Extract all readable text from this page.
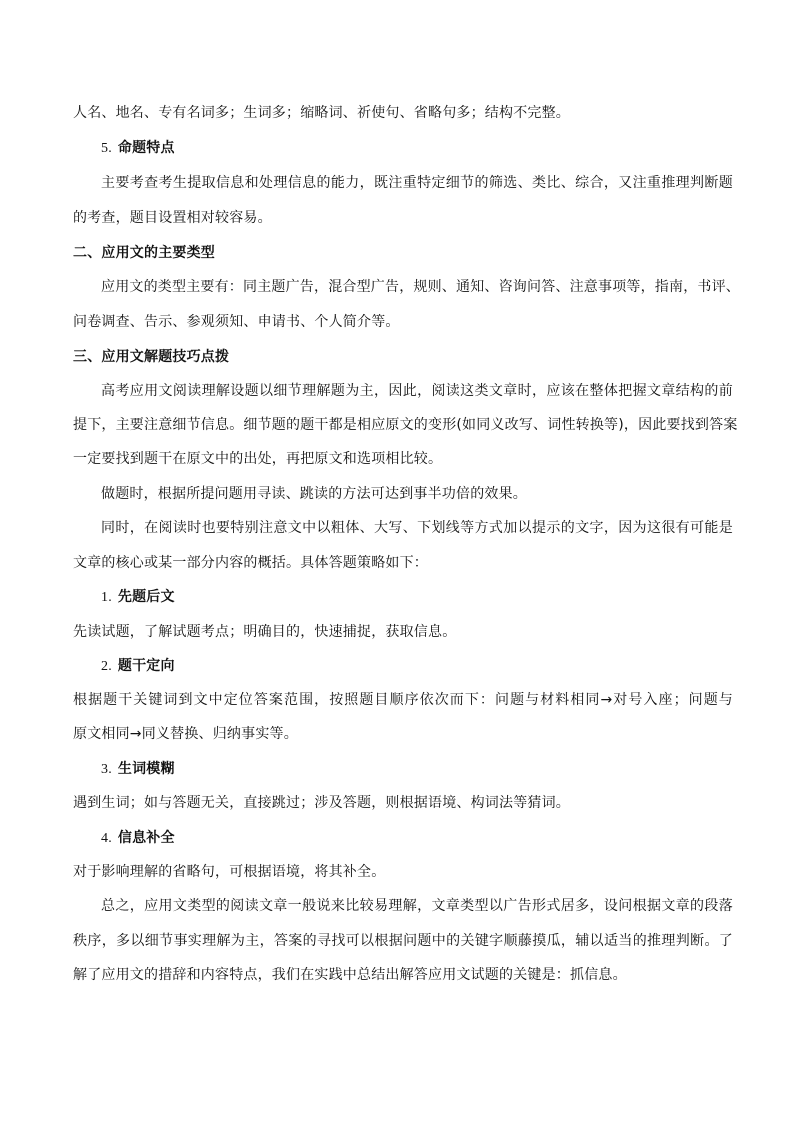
人名、地名、专有名词多；生词多；缩略词、祈使句、省略句多；结构不完整。
5. 命题特点
主要考查考生提取信息和处理信息的能力，既注重特定细节的筛选、类比、综合，又注重推理判断题
的考查，题目设置相对较容易。
二、应用文的主要类型
应用文的类型主要有：同主题广告，混合型广告，规则、通知、咨询问答、注意事项等，指南，书评、
问卷调查、告示、参观须知、申请书、个人简介等。
三、应用文解题技巧点拨
高考应用文阅读理解设题以细节理解题为主，因此，阅读这类文章时，应该在整体把握文章结构的前
提下，主要注意细节信息。细节题的题干都是相应原文的变形(如同义改写、词性转换等)，因此要找到答案
一定要找到题干在原文中的出处，再把原文和选项相比较。
做题时，根据所提问题用寻读、跳读的方法可达到事半功倍的效果。
同时，在阅读时也要特别注意文中以粗体、大写、下划线等方式加以提示的文字，因为这很有可能是
文章的核心或某一部分内容的概括。具体答题策略如下：
1. 先题后文
先读试题，了解试题考点；明确目的，快速捕捉，获取信息。
2. 题干定向
根据题干关键词到文中定位答案范围，按照题目顺序依次而下：问题与材料相同→对号入座；问题与
原文相同→同义替换、归纳事实等。
3. 生词模糊
遇到生词；如与答题无关，直接跳过；涉及答题，则根据语境、构词法等猜词。
4. 信息补全
对于影响理解的省略句，可根据语境，将其补全。
总之，应用文类型的阅读文章一般说来比较易理解，文章类型以广告形式居多，设问根据文章的段落
秩序，多以细节事实理解为主，答案的寻找可以根据问题中的关键字顺藤摸瓜，辅以适当的推理判断。了
解了应用文的措辞和内容特点，我们在实践中总结出解答应用文试题的关键是：抓信息。
